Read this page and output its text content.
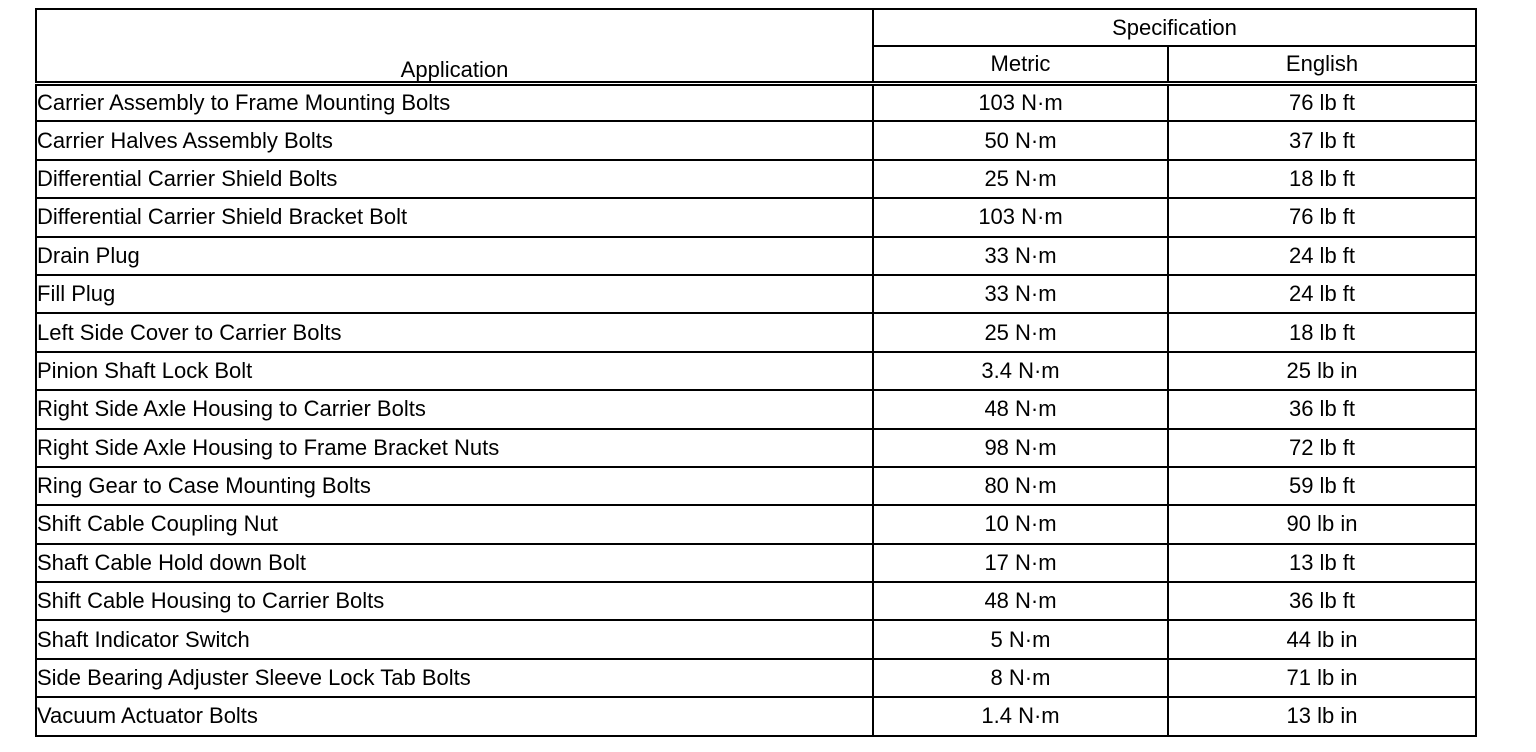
Application	Specification	
	Metric	English
Carrier Assembly to Frame Mounting Bolts	103 N·m	76 lb ft
Carrier Halves Assembly Bolts	50 N·m	37 lb ft
Differential Carrier Shield Bolts	25 N·m	18 lb ft
Differential Carrier Shield Bracket Bolt	103 N·m	76 lb ft
Drain Plug	33 N·m	24 lb ft
Fill Plug	33 N·m	24 lb ft
Left Side Cover to Carrier Bolts	25 N·m	18 lb ft
Pinion Shaft Lock Bolt	3.4 N·m	25 lb in
Right Side Axle Housing to Carrier Bolts	48 N·m	36 lb ft
Right Side Axle Housing to Frame Bracket Nuts	98 N·m	72 lb ft
Ring Gear to Case Mounting Bolts	80 N·m	59 lb ft
Shift Cable Coupling Nut	10 N·m	90 lb in
Shaft Cable Hold down Bolt	17 N·m	13 lb ft
Shift Cable Housing to Carrier Bolts	48 N·m	36 lb ft
Shaft Indicator Switch	5 N·m	44 lb in
Side Bearing Adjuster Sleeve Lock Tab Bolts	8 N·m	71 lb in
Vacuum Actuator Bolts	1.4 N·m	13 lb in
